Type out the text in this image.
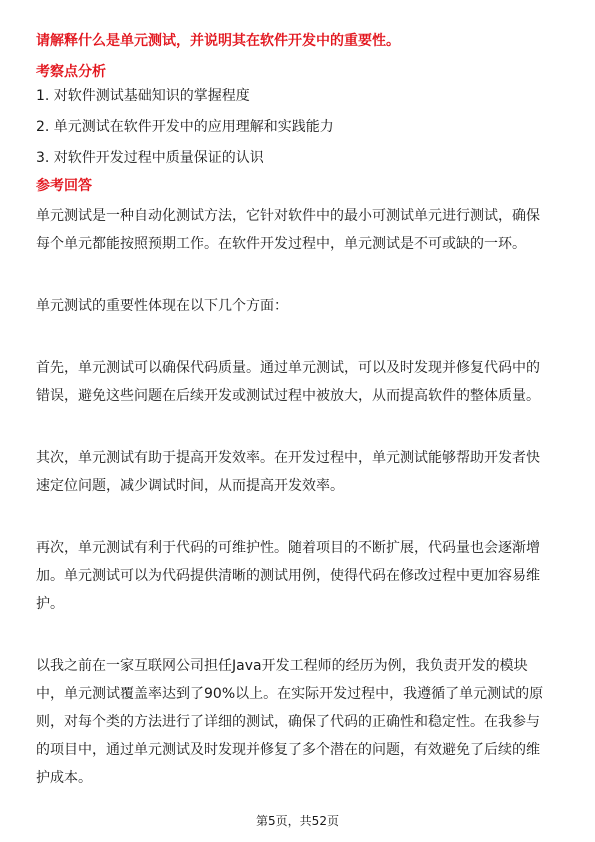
请解释什么是单元测试，并说明其在软件开发中的重要性。
考察点分析
1. 对软件测试基础知识的掌握程度
2. 单元测试在软件开发中的应用理解和实践能力
3. 对软件开发过程中质量保证的认识
参考回答

单元测试是一种自动化测试方法，它针对软件中的最小可测试单元进行测试，确保
每个单元都能按照预期工作。在软件开发过程中，单元测试是不可或缺的一环。

单元测试的重要性体现在以下几个方面：

首先，单元测试可以确保代码质量。通过单元测试，可以及时发现并修复代码中的
错误，避免这些问题在后续开发或测试过程中被放大，从而提高软件的整体质量。

其次，单元测试有助于提高开发效率。在开发过程中，单元测试能够帮助开发者快
速定位问题，减少调试时间，从而提高开发效率。

再次，单元测试有利于代码的可维护性。随着项目的不断扩展，代码量也会逐渐增
加。单元测试可以为代码提供清晰的测试用例，使得代码在修改过程中更加容易维
护。

以我之前在一家互联网公司担任Java开发工程师的经历为例，我负责开发的模块
中，单元测试覆盖率达到了90%以上。在实际开发过程中，我遵循了单元测试的原
则，对每个类的方法进行了详细的测试，确保了代码的正确性和稳定性。在我参与
的项目中，通过单元测试及时发现并修复了多个潜在的问题，有效避免了后续的维
护成本。

第5页，共52页
